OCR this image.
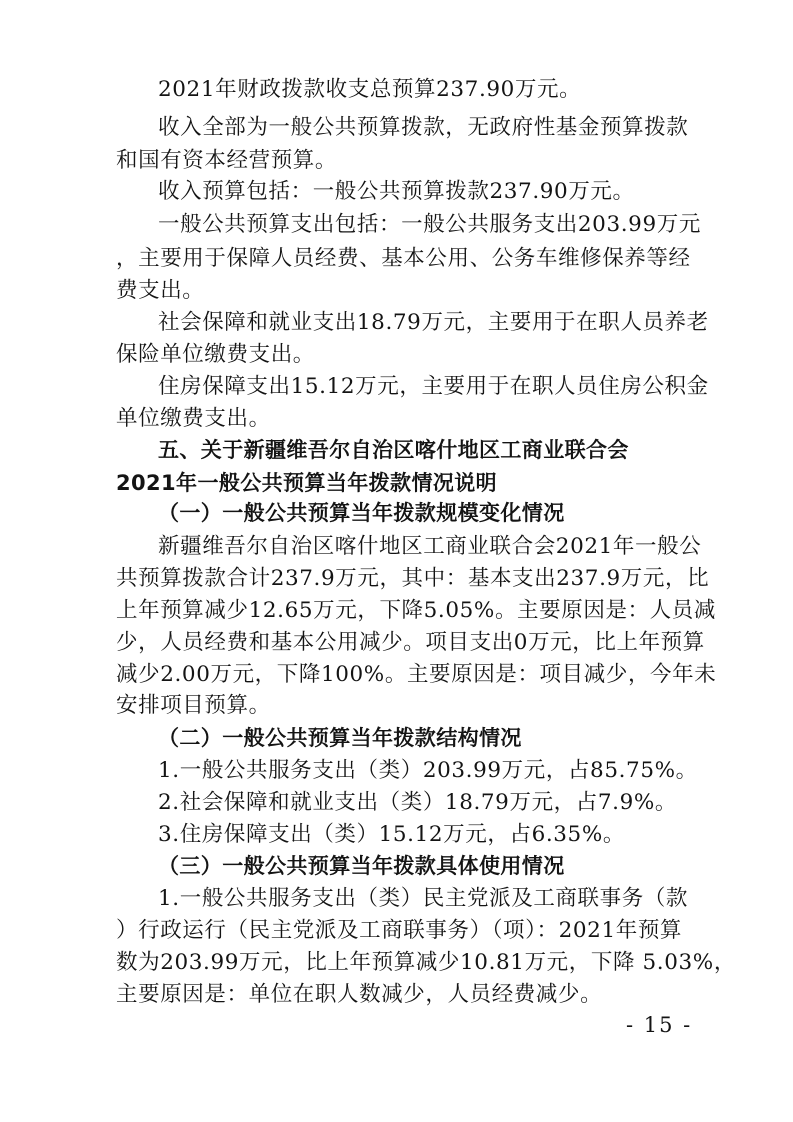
2021年财政拨款收支总预算237.90万元。
收入全部为一般公共预算拨款，无政府性基金预算拨款
和国有资本经营预算。
收入预算包括：一般公共预算拨款237.90万元。
一般公共预算支出包括：一般公共服务支出203.99万元
，主要用于保障人员经费、基本公用、公务车维修保养等经
费支出。
社会保障和就业支出18.79万元，主要用于在职人员养老
保险单位缴费支出。
住房保障支出15.12万元，主要用于在职人员住房公积金
单位缴费支出。
五、关于新疆维吾尔自治区喀什地区工商业联合会
2021年一般公共预算当年拨款情况说明
（一）一般公共预算当年拨款规模变化情况
新疆维吾尔自治区喀什地区工商业联合会2021年一般公
共预算拨款合计237.9万元，其中：基本支出237.9万元，比
上年预算减少12.65万元，下降5.05%。主要原因是：人员减
少，人员经费和基本公用减少。项目支出0万元，比上年预算
减少2.00万元，下降100%。主要原因是：项目减少，今年未
安排项目预算。
（二）一般公共预算当年拨款结构情况
1.一般公共服务支出（类）203.99万元，占85.75%。
2.社会保障和就业支出（类）18.79万元，占7.9%。
3.住房保障支出（类）15.12万元，占6.35%。
（三）一般公共预算当年拨款具体使用情况
1.一般公共服务支出（类）民主党派及工商联事务（款
）行政运行（民主党派及工商联事务）（项）：2021年预算
数为203.99万元，比上年预算减少10.81万元，下降 5.03%，
主要原因是：单位在职人数减少，人员经费减少。
- 15 -
